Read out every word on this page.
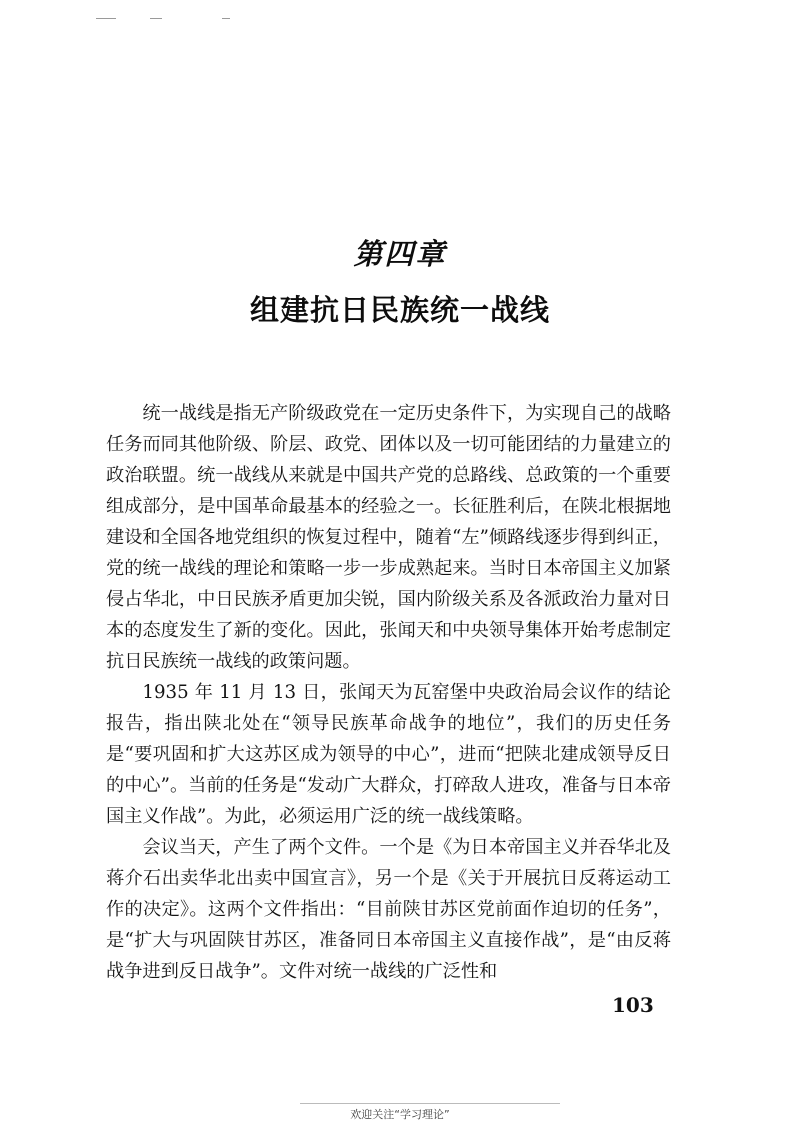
第四章
组建抗日民族统一战线

统一战线是指无产阶级政党在一定历史条件下，为实现自己的战略任务而同其他阶级、阶层、政党、团体以及一切可能团结的力量建立的政治联盟。统一战线从来就是中国共产党的总路线、总政策的一个重要组成部分，是中国革命最基本的经验之一。长征胜利后，在陕北根据地建设和全国各地党组织的恢复过程中，随着“左”倾路线逐步得到纠正，党的统一战线的理论和策略一步一步成熟起来。当时日本帝国主义加紧侵占华北，中日民族矛盾更加尖锐，国内阶级关系及各派政治力量对日本的态度发生了新的变化。因此，张闻天和中央领导集体开始考虑制定抗日民族统一战线的政策问题。

1935 年 11 月 13 日，张闻天为瓦窑堡中央政治局会议作的结论报告，指出陕北处在“领导民族革命战争的地位”，我们的历史任务是“要巩固和扩大这苏区成为领导的中心”，进而“把陕北建成领导反日的中心”。当前的任务是“发动广大群众，打碎敌人进攻，准备与日本帝国主义作战”。为此，必须运用广泛的统一战线策略。

会议当天，产生了两个文件。一个是《为日本帝国主义并吞华北及蒋介石出卖华北出卖中国宣言》，另一个是《关于开展抗日反蒋运动工作的决定》。这两个文件指出：“目前陕甘苏区党前面作迫切的任务”，是“扩大与巩固陕甘苏区，准备同日本帝国主义直接作战”，是“由反蒋战争进到反日战争”。文件对统一战线的广泛性和

103
欢迎关注“学习理论”
